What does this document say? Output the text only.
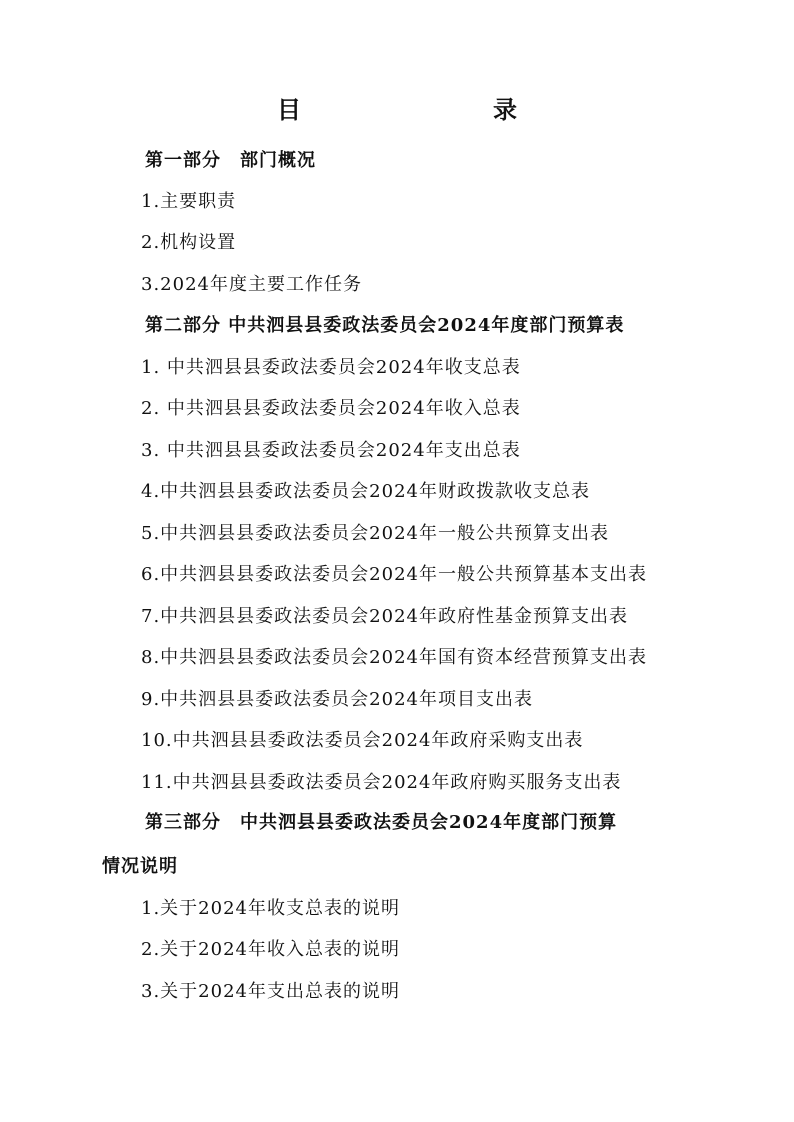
目　　录
第一部分　部门概况
1.主要职责
2.机构设置
3.2024年度主要工作任务
第二部分 中共泗县县委政法委员会2024年度部门预算表
1. 中共泗县县委政法委员会2024年收支总表
2. 中共泗县县委政法委员会2024年收入总表
3. 中共泗县县委政法委员会2024年支出总表
4.中共泗县县委政法委员会2024年财政拨款收支总表
5.中共泗县县委政法委员会2024年一般公共预算支出表
6.中共泗县县委政法委员会2024年一般公共预算基本支出表
7.中共泗县县委政法委员会2024年政府性基金预算支出表
8.中共泗县县委政法委员会2024年国有资本经营预算支出表
9.中共泗县县委政法委员会2024年项目支出表
10.中共泗县县委政法委员会2024年政府采购支出表
11.中共泗县县委政法委员会2024年政府购买服务支出表
第三部分　中共泗县县委政法委员会2024年度部门预算
情况说明
1.关于2024年收支总表的说明
2.关于2024年收入总表的说明
3.关于2024年支出总表的说明
